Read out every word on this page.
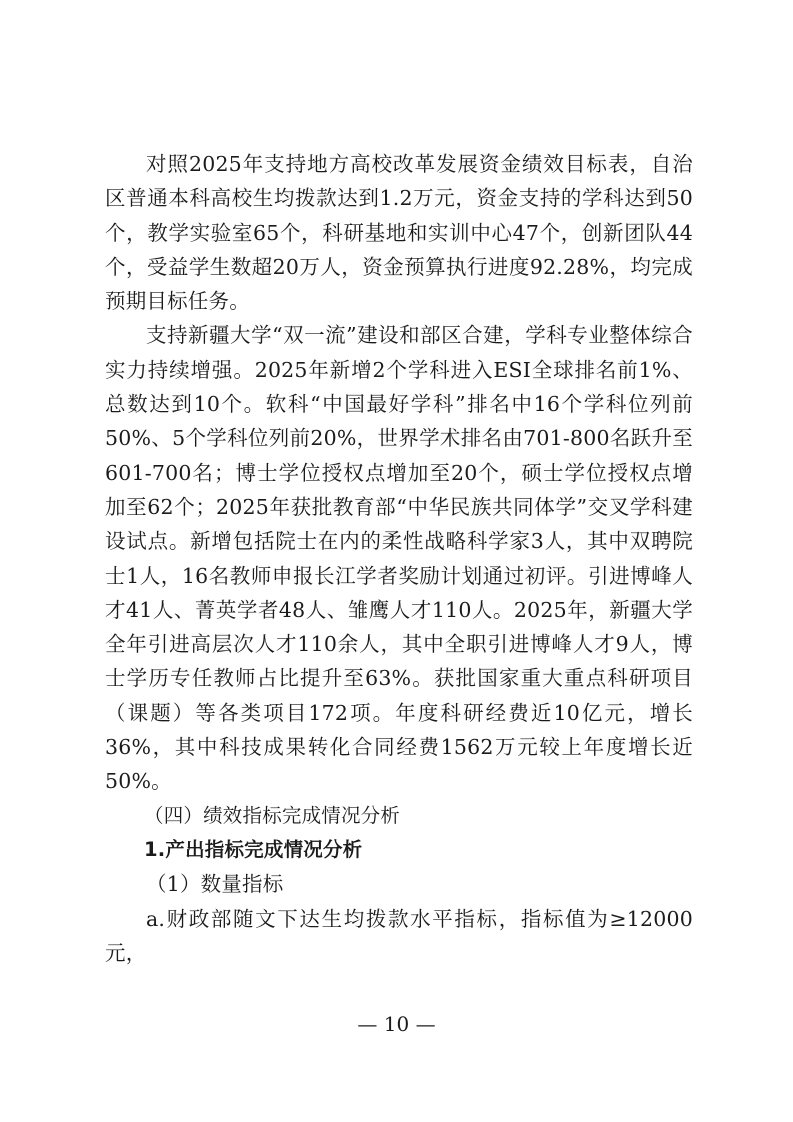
对照2025年支持地方高校改革发展资金绩效目标表，自治区普通本科高校生均拨款达到1.2万元，资金支持的学科达到50个，教学实验室65个，科研基地和实训中心47个，创新团队44个，受益学生数超20万人，资金预算执行进度92.28%，均完成预期目标任务。

支持新疆大学“双一流”建设和部区合建，学科专业整体综合实力持续增强。2025年新增2个学科进入ESI全球排名前1%、总数达到10个。软科“中国最好学科”排名中16个学科位列前50%、5个学科位列前20%，世界学术排名由701-800名跃升至601-700名；博士学位授权点增加至20个，硕士学位授权点增加至62个；2025年获批教育部“中华民族共同体学”交叉学科建设试点。新增包括院士在内的柔性战略科学家3人，其中双聘院士1人，16名教师申报长江学者奖励计划通过初评。引进博峰人才41人、菁英学者48人、雏鹰人才110人。2025年，新疆大学全年引进高层次人才110余人，其中全职引进博峰人才9人，博士学历专任教师占比提升至63%。获批国家重大重点科研项目（课题）等各类项目172项。年度科研经费近10亿元，增长36%，其中科技成果转化合同经费1562万元较上年度增长近50%。

（四）绩效指标完成情况分析

1.产出指标完成情况分析

（1）数量指标

a.财政部随文下达生均拨款水平指标，指标值为≥12000元，

— 10 —
